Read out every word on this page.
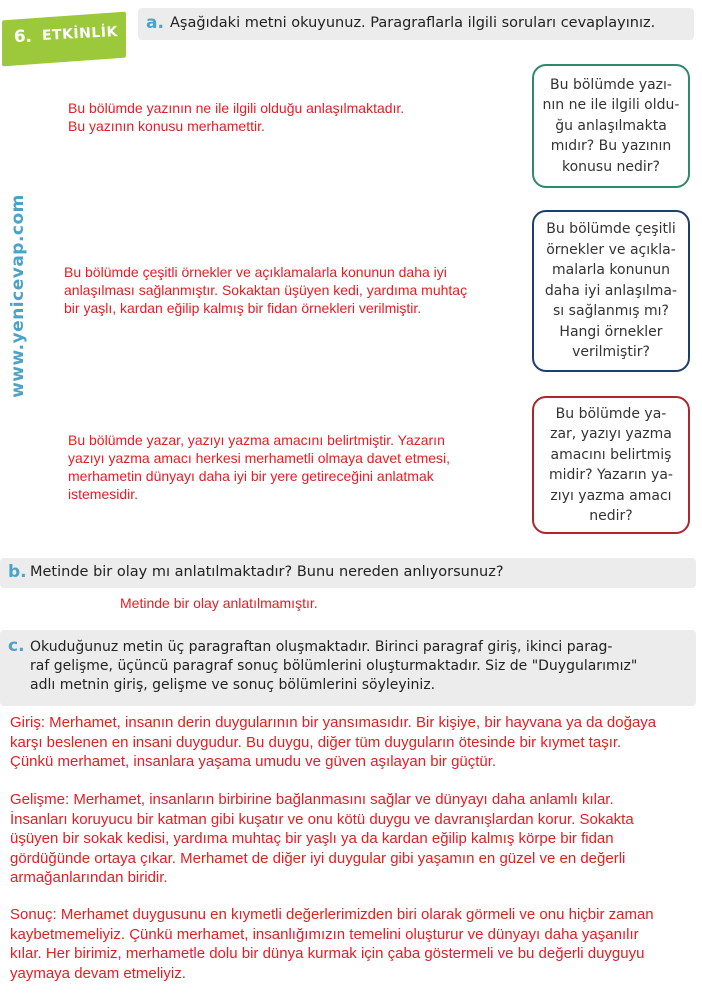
6. ETKİNLİK
a. Aşağıdaki metni okuyunuz. Paragraflarla ilgili soruları cevaplayınız.
www.yenicevap.com
Bu bölümde yazının ne ile ilgili olduğu anlaşılmaktadır.
Bu yazının konusu merhamettir.
Bu bölümde çeşitli örnekler ve açıklamalarla konunun daha iyi
anlaşılması sağlanmıştır. Sokaktan üşüyen kedi, yardıma muhtaç
bir yaşlı, kardan eğilip kalmış bir fidan örnekleri verilmiştir.
Bu bölümde yazar, yazıyı yazma amacını belirtmiştir. Yazarın
yazıyı yazma amacı herkesi merhametli olmaya davet etmesi,
merhametin dünyayı daha iyi bir yere getireceğini anlatmak
istemesidir.
Bu bölümde yazı-
nın ne ile ilgili oldu-
ğu anlaşılmakta
mıdır? Bu yazının
konusu nedir?
Bu bölümde çeşitli
örnekler ve açıkla-
malarla konunun
daha iyi anlaşılma-
sı sağlanmış mı?
Hangi örnekler
verilmiştir?
Bu bölümde ya-
zar, yazıyı yazma
amacını belirtmiş
midir? Yazarın ya-
zıyı yazma amacı
nedir?
b. Metinde bir olay mı anlatılmaktadır? Bunu nereden anlıyorsunuz?
Metinde bir olay anlatılmamıştır.
c. Okuduğunuz metin üç paragraftan oluşmaktadır. Birinci paragraf giriş, ikinci parag-
raf gelişme, üçüncü paragraf sonuç bölümlerini oluşturmaktadır. Siz de "Duygularımız"
adlı metnin giriş, gelişme ve sonuç bölümlerini söyleyiniz.
Giriş: Merhamet, insanın derin duygularının bir yansımasıdır. Bir kişiye, bir hayvana ya da doğaya
karşı beslenen en insani duygudur. Bu duygu, diğer tüm duyguların ötesinde bir kıymet taşır.
Çünkü merhamet, insanlara yaşama umudu ve güven aşılayan bir güçtür.
Gelişme: Merhamet, insanların birbirine bağlanmasını sağlar ve dünyayı daha anlamlı kılar.
İnsanları koruyucu bir katman gibi kuşatır ve onu kötü duygu ve davranışlardan korur. Sokakta
üşüyen bir sokak kedisi, yardıma muhtaç bir yaşlı ya da kardan eğilip kalmış körpe bir fidan
gördüğünde ortaya çıkar. Merhamet de diğer iyi duygular gibi yaşamın en güzel ve en değerli
armağanlarından biridir.
Sonuç: Merhamet duygusunu en kıymetli değerlerimizden biri olarak görmeli ve onu hiçbir zaman
kaybetmemeliyiz. Çünkü merhamet, insanlığımızın temelini oluşturur ve dünyayı daha yaşanılır
kılar. Her birimiz, merhametle dolu bir dünya kurmak için çaba göstermeli ve bu değerli duyguyu
yaymaya devam etmeliyiz.
